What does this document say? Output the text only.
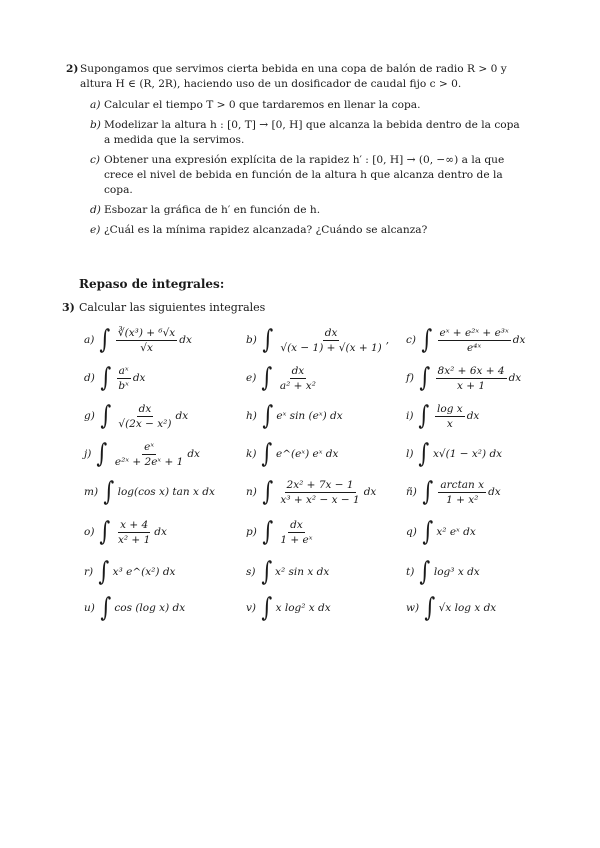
2) Supongamos que servimos cierta bebida en una copa de balón de radio R > 0 y altura H ∈ (R, 2R), haciendo uso de un dosificador de caudal fijo c > 0.
a) Calcular el tiempo T > 0 que tardaremos en llenar la copa.
b) Modelizar la altura h : [0, T] → [0, H] que alcanza la bebida dentro de la copa a medida que la servimos.
c) Obtener una expresión explícita de la rapidez h′ : [0, H] → (0, −∞) a la que crece el nivel de bebida en función de la altura h que alcanza dentro de la copa.
d) Esbozar la gráfica de h′ en función de h.
e) ¿Cuál es la mínima rapidez alcanzada? ¿Cuándo se alcanza?
Repaso de integrales:
3) Calcular las siguientes integrales
a) ∫ $\frac{\text{∛(x³) + ⁶√x}}{√x}$ dx	b) ∫ $\frac{dx}{√(x - 1) + √(x + 1)}$ , c) ∫ $\frac{\text{eˣ + e²ˣ + e³ˣ}}{\text{e⁴ˣ}}$ dx
d) ∫ $\frac{\text{aˣ}}{\text{bˣ}}$ dx	e) ∫ $\frac{dx}{\text{a² + x²}}$	f) ∫ $\frac{\text{8x² + 6x + 4}}{x + 1}$ dx
g) ∫ $\frac{dx}{\text{√(2x − x²)}}$ dx	h) ∫ eˣ sin (eˣ) dx	i) ∫ $\frac{\text{log x}}{x}$ dx
j) ∫ $\frac{\text{eˣ}}{\text{e²ˣ + 2eˣ + 1}}$ dx	k) ∫ e^(eˣ) eˣ dx	l) ∫ x√(1 − x²) dx
m) ∫ log(cos x) tan x dx	n) ∫ $\frac{\text{2x² + 7x − 1}}{\text{x³ + x² − x − 1}}$ dx	ñ) ∫ $\frac{\text{arctan x}}{\text{1 + x²}}$ dx
o) ∫ $\frac{x + 4}{\text{x² + 1}}$ dx	p) ∫ $\frac{dx}{\text{1 + eˣ}}$	q) ∫ x² eˣ dx
r) ∫ x³ e^(x²) dx	s) ∫ x² sin x dx	t) ∫ log³ x dx
u) ∫ cos (log x) dx	v) ∫ x log² x dx	w) ∫ √x log x dx
